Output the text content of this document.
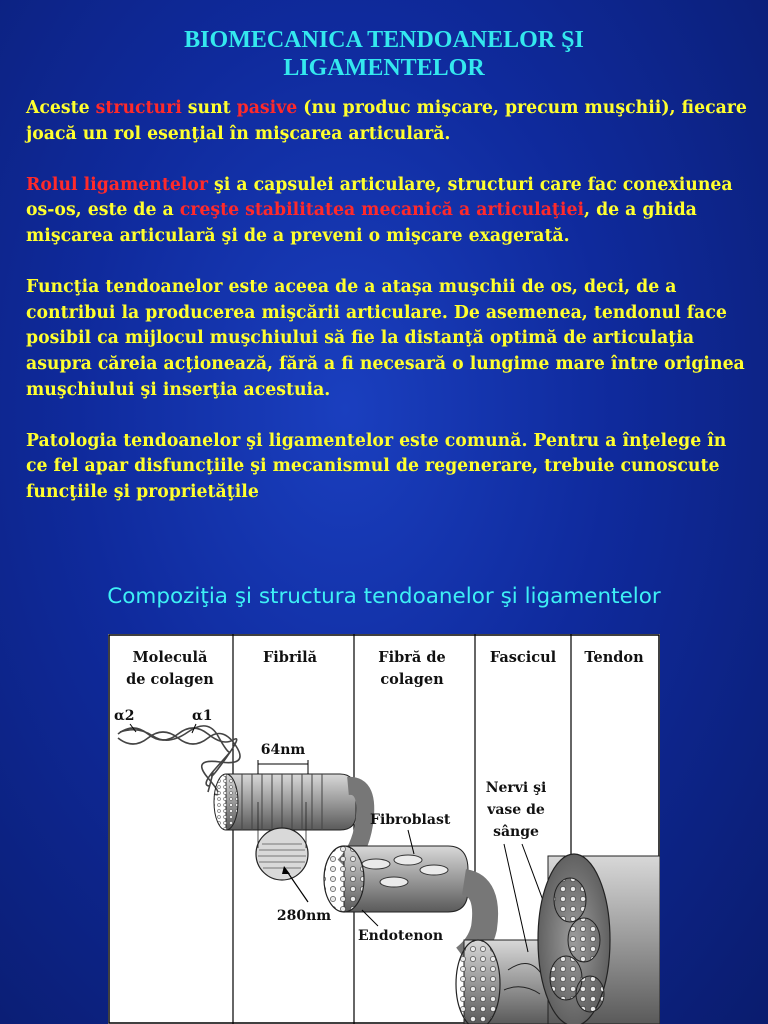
BIOMECANICA TENDOANELOR ŞI
LIGAMENTELOR

Aceste structuri sunt pasive (nu produc mişcare, precum muşchii), fiecare joacă un rol esenţial în mişcarea articulară.

Rolul ligamentelor şi a capsulei articulare, structuri care fac conexiunea os-os, este de a creşte stabilitatea mecanică a articulaţiei, de a ghida mişcarea articulară şi de a preveni o mişcare exagerată.

Funcţia tendoanelor este aceea de a ataşa muşchii de os, deci, de a contribui la producerea mişcării articulare. De asemenea, tendonul face posibil ca mijlocul muşchiului să fie la distanţă optimă de articulaţia asupra căreia acţionează, fără a fi necesară o lungime mare între originea muşchiului şi inserţia acestuia.

Patologia tendoanelor şi ligamentelor este comună. Pentru a înţelege în ce fel apar disfuncţiile şi mecanismul de regenerare, trebuie cunoscute funcţiile şi proprietăţile

Compoziţia şi structura tendoanelor şi ligamentelor
Moleculă
de colagen
Fibrilă	Fibră de
colagen
Fascicul Tendon
α2	α1
64nm
280nm
Fibroblast
Endotenon
Nervi şi
vase de
sânge
